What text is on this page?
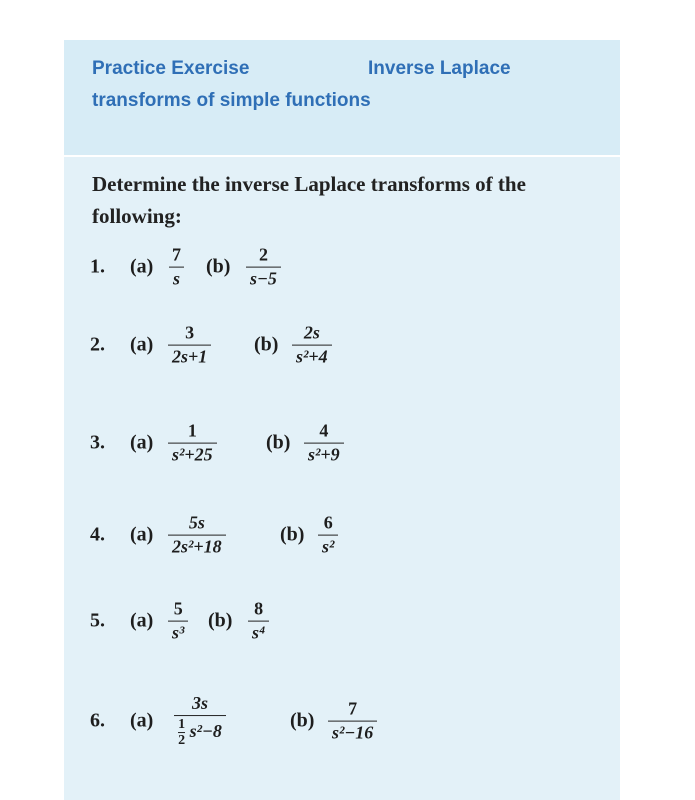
Practice Exercise	Inverse Laplace
transforms of simple functions
Determine the inverse Laplace transforms of the following:
1. $(a) \frac{7}{s} (b) \frac{2}{s-5}$
2. $(a) \frac{3}{2s+1} (b) \frac{2s}{\text{s²+4}}$
3. $(a) \frac{1}{\text{s²+25}} (b) \frac{4}{\text{s²+9}}$
4. $(a) \frac{5s}{\text{2s²+18}}$	$(b) \frac{6}{\text{s²}}$
5. $(a) \frac{5}{\text{s³}} (b) \frac{8}{\text{s⁴}}$
6. $(a) \frac{3s}{\frac{1}{2} s^2-8}$	$(b) \frac{7}{\text{s²−16}}$
